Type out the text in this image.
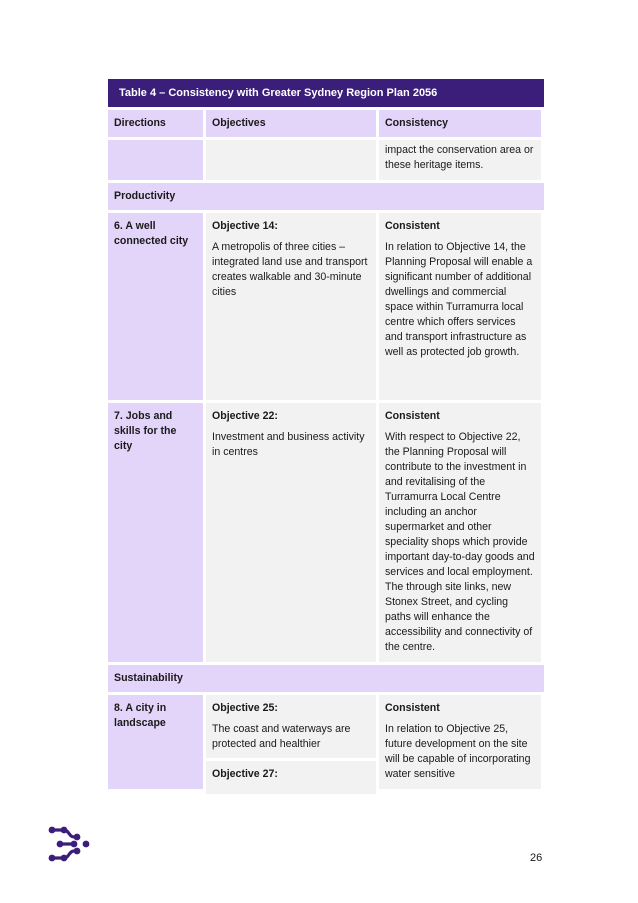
Table 4 – Consistency with Greater Sydney Region Plan 2056
Directions	Objectives	Consistency
impact the conservation area or these heritage items.
Productivity
6. A well connected city
Objective 14:
A metropolis of three cities – integrated land use and transport creates walkable and 30-minute cities
Consistent
In relation to Objective 14, the Planning Proposal will enable a significant number of additional dwellings and commercial space within Turramurra local centre which offers services and transport infrastructure as well as protected job growth.
7. Jobs and skills for the city
Objective 22:
Investment and business activity in centres
Consistent
With respect to Objective 22, the Planning Proposal will contribute to the investment in and revitalising of the Turramurra Local Centre including an anchor supermarket and other speciality shops which provide important day-to-day goods and services and local employment. The through site links, new Stonex Street, and cycling paths will enhance the accessibility and connectivity of the centre.
Sustainability
8. A city in landscape
Objective 25:
The coast and waterways are protected and healthier
Objective 27:
Consistent
In relation to Objective 25, future development on the site will be capable of incorporating water sensitive
26
